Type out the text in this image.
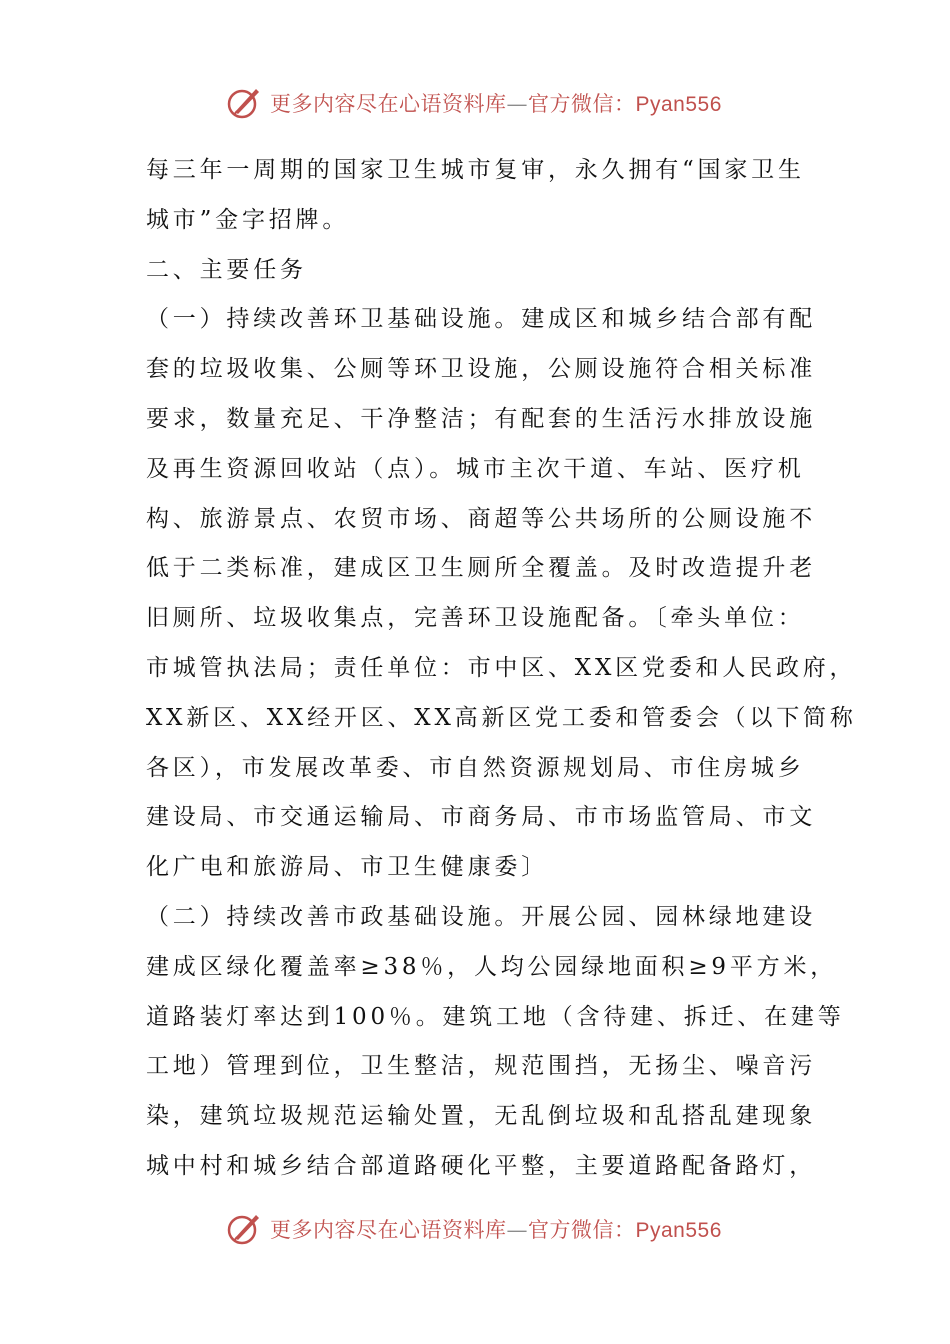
更多内容尽在心语资料库—官方微信：Pyan556
每三年一周期的国家卫生城市复审，永久拥有“国家卫生
城市”金字招牌。
二、主要任务
（一）持续改善环卫基础设施。建成区和城乡结合部有配
套的垃圾收集、公厕等环卫设施，公厕设施符合相关标准
要求，数量充足、干净整洁；有配套的生活污水排放设施
及再生资源回收站（点）。城市主次干道、车站、医疗机
构、旅游景点、农贸市场、商超等公共场所的公厕设施不
低于二类标准，建成区卫生厕所全覆盖。及时改造提升老
旧厕所、垃圾收集点，完善环卫设施配备。〔牵头单位：
市城管执法局；责任单位：市中区、XX区党委和人民政府，
XX新区、XX经开区、XX高新区党工委和管委会（以下简称
各区），市发展改革委、市自然资源规划局、市住房城乡
建设局、市交通运输局、市商务局、市市场监管局、市文
化广电和旅游局、市卫生健康委〕
（二）持续改善市政基础设施。开展公园、园林绿地建设
建成区绿化覆盖率≥38％，人均公园绿地面积≥9平方米，
道路装灯率达到100％。建筑工地（含待建、拆迁、在建等
工地）管理到位，卫生整洁，规范围挡，无扬尘、噪音污
染，建筑垃圾规范运输处置，无乱倒垃圾和乱搭乱建现象
城中村和城乡结合部道路硬化平整，主要道路配备路灯，
更多内容尽在心语资料库—官方微信：Pyan556
